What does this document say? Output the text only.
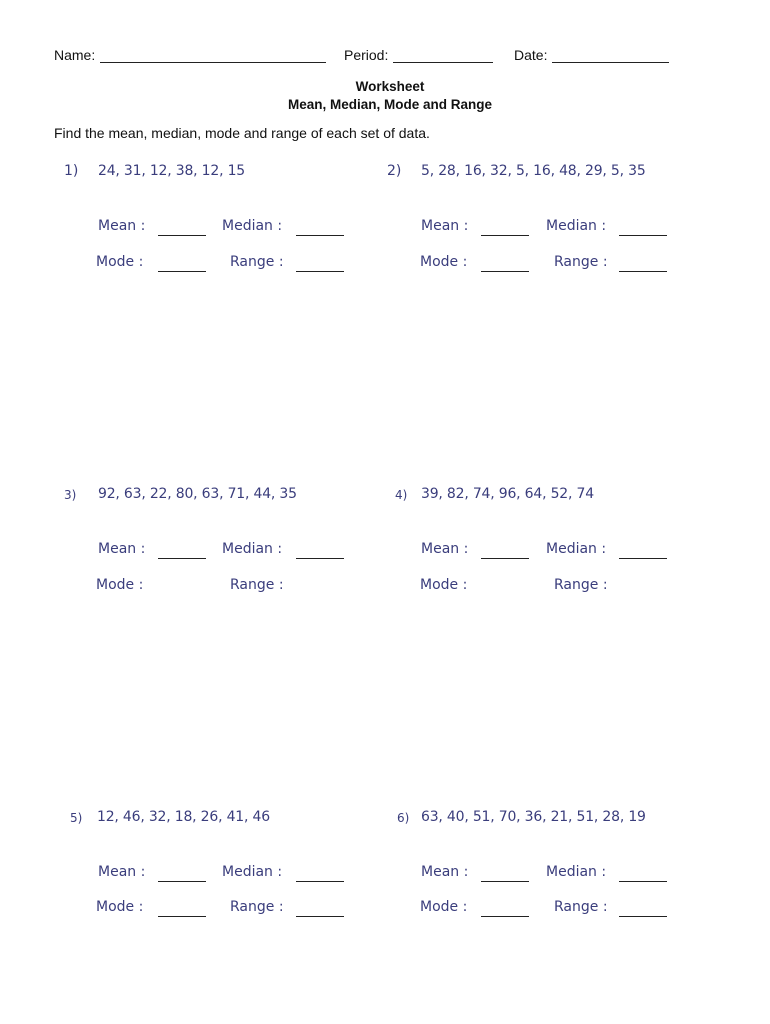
Name:	Period:	Date:
Worksheet
Mean, Median, Mode and Range
Find the mean, median, mode and range of each set of data.
1) 24, 31, 12, 38, 12, 15
Mean :	Median :
Mode :	Range :
2) 5, 28, 16, 32, 5, 16, 48, 29, 5, 35
Mean :	Median :
Mode :	Range :
3) 92, 63, 22, 80, 63, 71, 44, 35
Mean :	Median :
Mode :	Range :
4) 39, 82, 74, 96, 64, 52, 74
Mean :	Median :
Mode :	Range :
5) 12, 46, 32, 18, 26, 41, 46
Mean :	Median :
Mode :	Range :
6) 63, 40, 51, 70, 36, 21, 51, 28, 19
Mean :	Median :
Mode :	Range :
